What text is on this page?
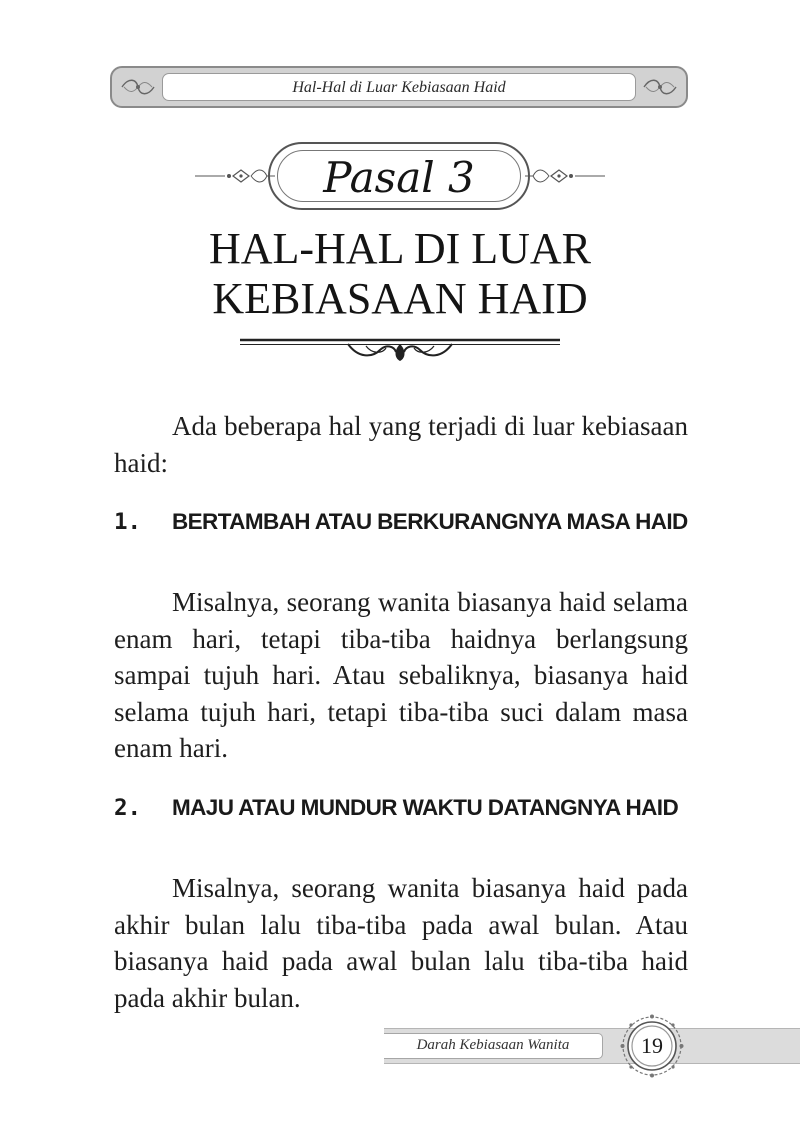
Hal-Hal di Luar Kebiasaan Haid
Pasal 3
HAL-HAL DI LUAR
KEBIASAAN HAID

Ada beberapa hal yang terjadi di luar kebiasaan haid:

1. BERTAMBAH ATAU BERKURANGNYA MASA HAID

Misalnya, seorang wanita biasanya haid selama enam hari, tetapi tiba-tiba haidnya berlangsung sampai tujuh hari. Atau sebaliknya, biasanya haid selama tujuh hari, tetapi tiba-tiba suci dalam masa enam hari.

2. MAJU ATAU MUNDUR WAKTU DATANGNYA HAID

Misalnya, seorang wanita biasanya haid pada akhir bulan lalu tiba-tiba pada awal bulan. Atau biasanya haid pada awal bulan lalu tiba-tiba haid pada akhir bulan.

Darah Kebiasaan Wanita	19
